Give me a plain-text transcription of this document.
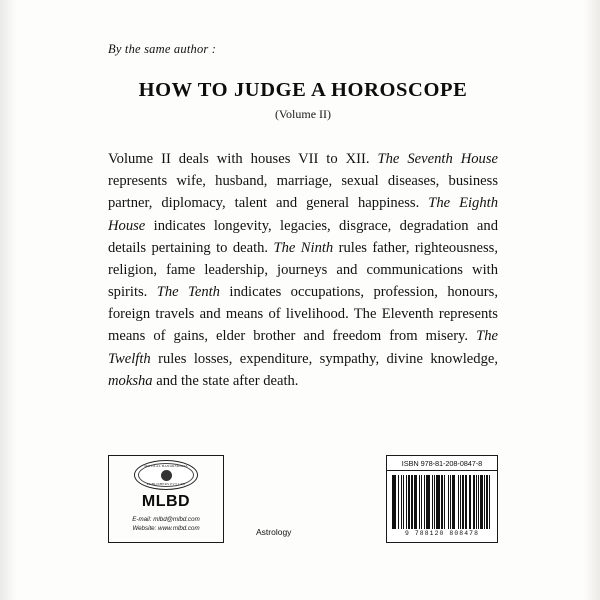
By the same author :

HOW TO JUDGE A HOROSCOPE

(Volume II)

Volume II deals with houses VII to XII. The Seventh House represents wife, husband, marriage, sexual diseases, business partner, diplomacy, talent and general happiness. The Eighth House indicates longevity, legacies, disgrace, degradation and details pertaining to death. The Ninth rules father, righteousness, religion, fame leadership, journeys and communications with spirits. The Tenth indicates occupations, profession, honours, foreign travels and means of livelihood. The Eleventh represents means of gains, elder brother and freedom from misery. The Twelfth rules losses, expenditure, sympathy, divine knowledge, moksha and the state after death.

MOTILAL BANARSIDASS
PUBLISHERS PVT LTD
MLBD
E-mail: mlbd@mlbd.com
Website: www.mlbd.com	Astrology
ISBN 978-81-208-0847-8
9 788120 808478
